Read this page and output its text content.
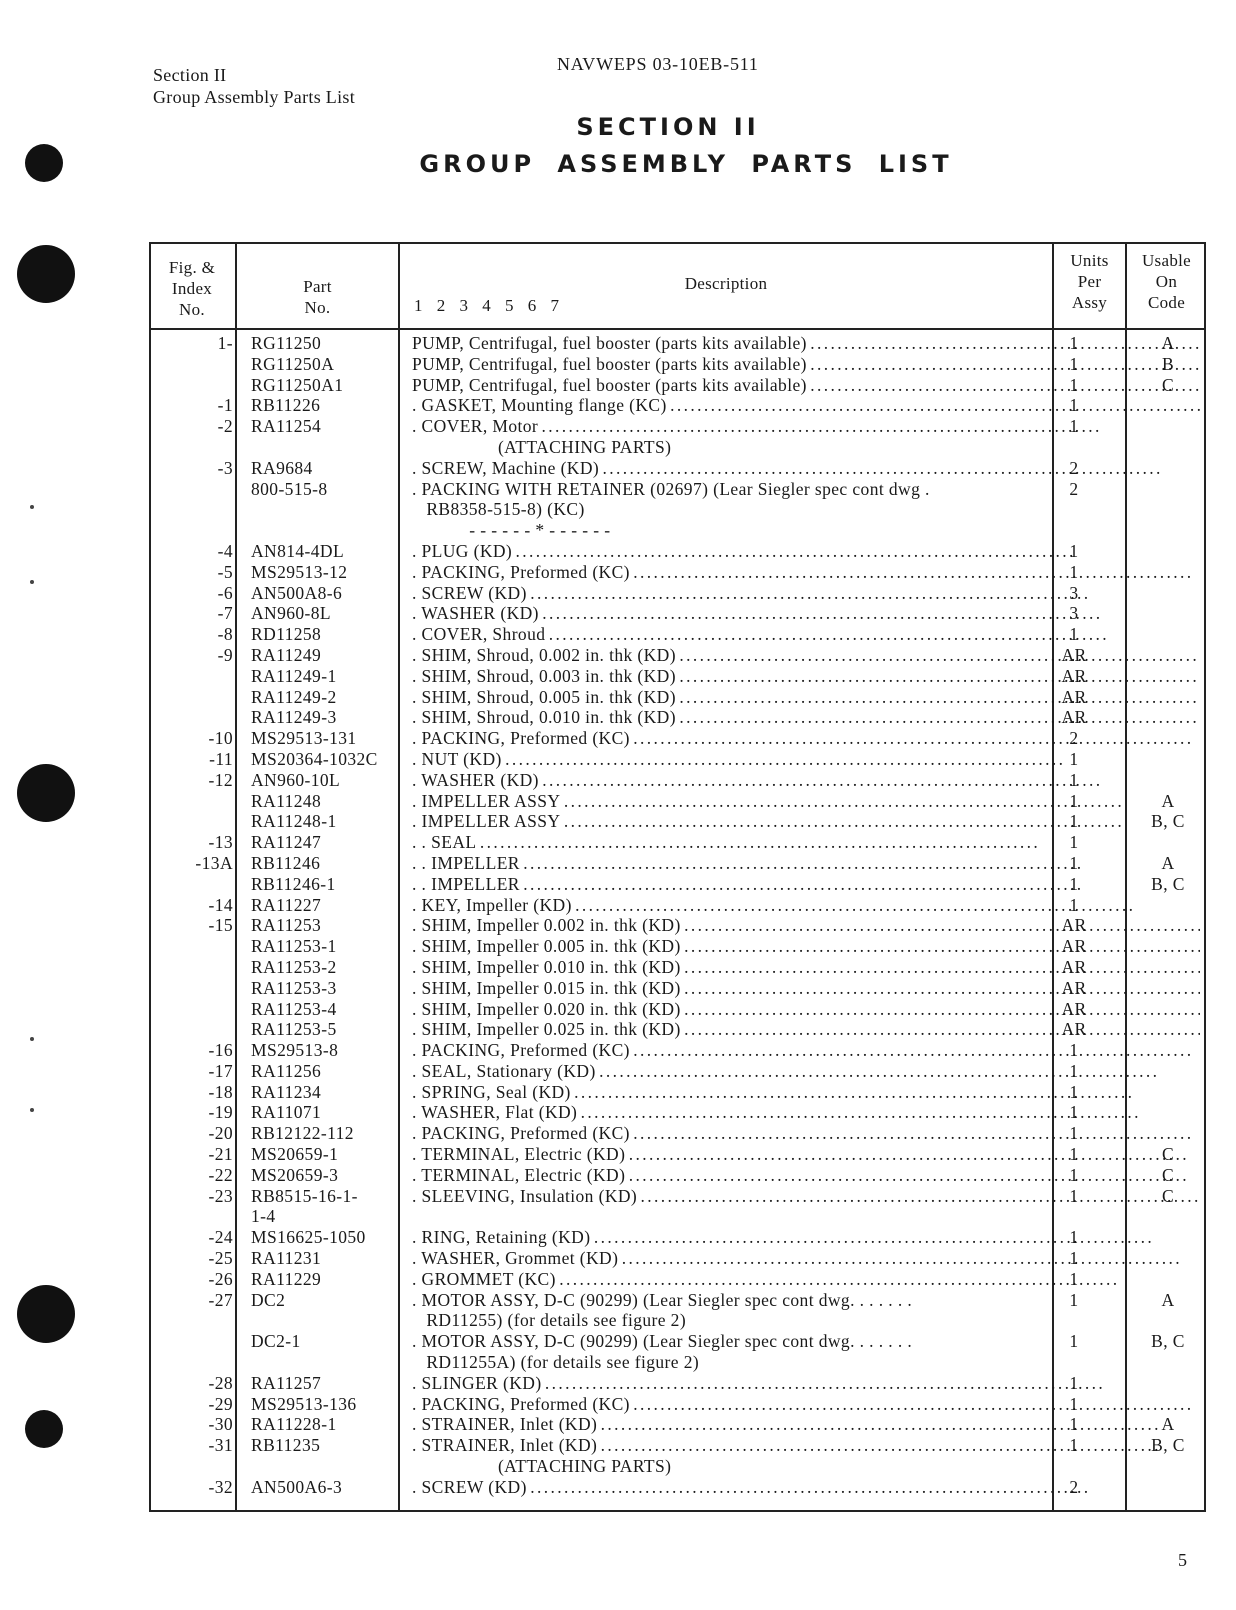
Section II
Group Assembly Parts List
NAVWEPS 03-10EB-511
SECTION II
GROUP ASSEMBLY PARTS LIST
Fig. &
Index
No.
Part
No.
Description
1 2 3 4 5 6 7
Units
Per
Assy
Usable
On
Code
1- RG11250	PUMP, Centrifugal, fuel booster (parts kits available) . . .	1	A
RG11250A	PUMP, Centrifugal, fuel booster (parts kits available) . . .	1	B
RG11250A1	PUMP, Centrifugal, fuel booster (parts kits available) . . .	1	C
-1 RB11226	. GASKET, Mounting flange (KC) . . .	1
-2 RA11254	. COVER, Motor . . .	1
(ATTACHING PARTS)
-3 RA9684	. SCREW, Machine (KD) . . .	2
800-515-8	. PACKING WITH RETAINER (02697) (Lear Siegler spec cont dwg .	2
RB8358-515-8) (KC)
- - - - - - * - - - - - -
-4 AN814-4DL	. PLUG (KD) . . .	1
-5 MS29513-12	. PACKING, Preformed (KC) . . .	1
-6 AN500A8-6	. SCREW (KD) . . .	3
-7 AN960-8L	. WASHER (KD) . . .	3
-8 RD11258	. COVER, Shroud . . .	1
-9 RA11249	. SHIM, Shroud, 0.002 in. thk (KD) . . .	AR
RA11249-1	. SHIM, Shroud, 0.003 in. thk (KD) . . .	AR
RA11249-2	. SHIM, Shroud, 0.005 in. thk (KD) . . .	AR
RA11249-3	. SHIM, Shroud, 0.010 in. thk (KD) . . .	AR
-10 MS29513-131	. PACKING, Preformed (KC) . . .	2
-11 MS20364-1032C . NUT (KD) . . .	1
-12 AN960-10L	. WASHER (KD) . . .	1
RA11248	. IMPELLER ASSY . . .	1	A
RA11248-1	. IMPELLER ASSY . . .	1	B, C
-13 RA11247	. . SEAL . . .	1
-13A RB11246	. . IMPELLER . . .	1	A
RB11246-1	. . IMPELLER . . .	1	B, C
-14 RA11227	. KEY, Impeller (KD) . . .	1
-15 RA11253	. SHIM, Impeller 0.002 in. thk (KD) . . .	AR
RA11253-1	. SHIM, Impeller 0.005 in. thk (KD) . . .	AR
RA11253-2	. SHIM, Impeller 0.010 in. thk (KD) . . .	AR
RA11253-3	. SHIM, Impeller 0.015 in. thk (KD) . . .	AR
RA11253-4	. SHIM, Impeller 0.020 in. thk (KD) . . .	AR
RA11253-5	. SHIM, Impeller 0.025 in. thk (KD) . . .	AR
-16 MS29513-8	. PACKING, Preformed (KC) . . .	1
-17 RA11256	. SEAL, Stationary (KD) . . .	1
-18 RA11234	. SPRING, Seal (KD) . . .	1
-19 RA11071	. WASHER, Flat (KD) . . .	1
-20 RB12122-112	. PACKING, Preformed (KC) . . .	1
-21 MS20659-1	. TERMINAL, Electric (KD) . . .	1	C
-22 MS20659-3	. TERMINAL, Electric (KD) . . .	1	C
-23 RB8515-16-1-	. SLEEVING, Insulation (KD) . . .	1	C
1-4
-24 MS16625-1050	. RING, Retaining (KD) . . .	1
-25 RA11231	. WASHER, Grommet (KD) . . .	1
-26 RA11229	. GROMMET (KC) . . .	1
-27 DC2	. MOTOR ASSY, D-C (90299) (Lear Siegler spec cont dwg. . . . . . .	1	A
RD11255) (for details see figure 2)
DC2-1	. MOTOR ASSY, D-C (90299) (Lear Siegler spec cont dwg. . . . . . .	1	B, C
RD11255A) (for details see figure 2)
-28 RA11257	. SLINGER (KD) . . .	1
-29 MS29513-136	. PACKING, Preformed (KC) . . .	1
-30 RA11228-1	. STRAINER, Inlet (KD) . . .	1	A
-31 RB11235	. STRAINER, Inlet (KD) . . .	1	B, C
(ATTACHING PARTS)
-32 AN500A6-3	. SCREW (KD) . . .	2
5
